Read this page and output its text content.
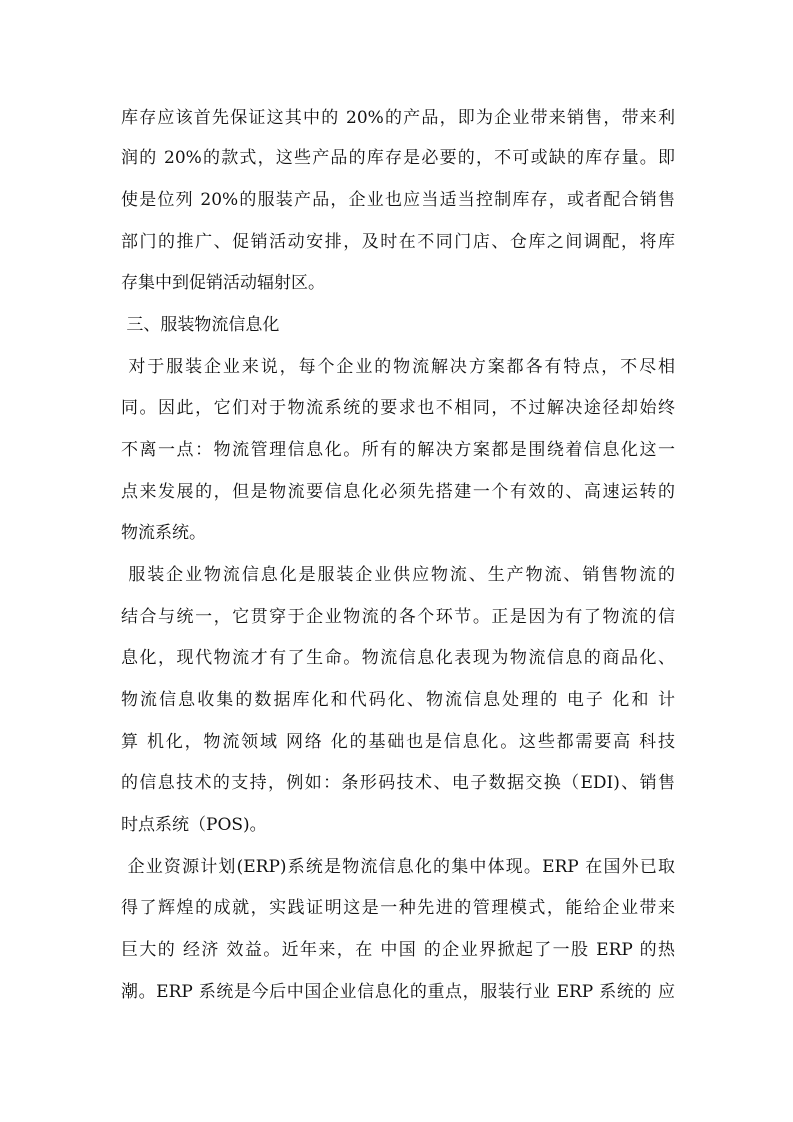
库存应该首先保证这其中的 20%的产品，即为企业带来销售，带来利

润的 20%的款式，这些产品的库存是必要的，不可或缺的库存量。即

使是位列 20%的服装产品，企业也应当适当控制库存，或者配合销售

部门的推广、促销活动安排，及时在不同门店、仓库之间调配，将库

存集中到促销活动辐射区。

三、服装物流信息化

对于服装企业来说，每个企业的物流解决方案都各有特点，不尽相

同。因此，它们对于物流系统的要求也不相同，不过解决途径却始终

不离一点：物流管理信息化。所有的解决方案都是围绕着信息化这一

点来发展的，但是物流要信息化必须先搭建一个有效的、高速运转的

物流系统。

服装企业物流信息化是服装企业供应物流、生产物流、销售物流的

结合与统一，它贯穿于企业物流的各个环节。正是因为有了物流的信

息化，现代物流才有了生命。物流信息化表现为物流信息的商品化、

物流信息收集的数据库化和代码化、物流信息处理的 电子 化和 计

算 机化，物流领域 网络 化的基础也是信息化。这些都需要高 科技

的信息技术的支持，例如：条形码技术、电子数据交换（EDI)、销售

时点系统（POS)。

企业资源计划(ERP)系统是物流信息化的集中体现。ERP 在国外已取

得了辉煌的成就，实践证明这是一种先进的管理模式，能给企业带来

巨大的 经济 效益。近年来，在 中国 的企业界掀起了一股 ERP 的热

潮。ERP 系统是今后中国企业信息化的重点，服装行业 ERP 系统的 应
